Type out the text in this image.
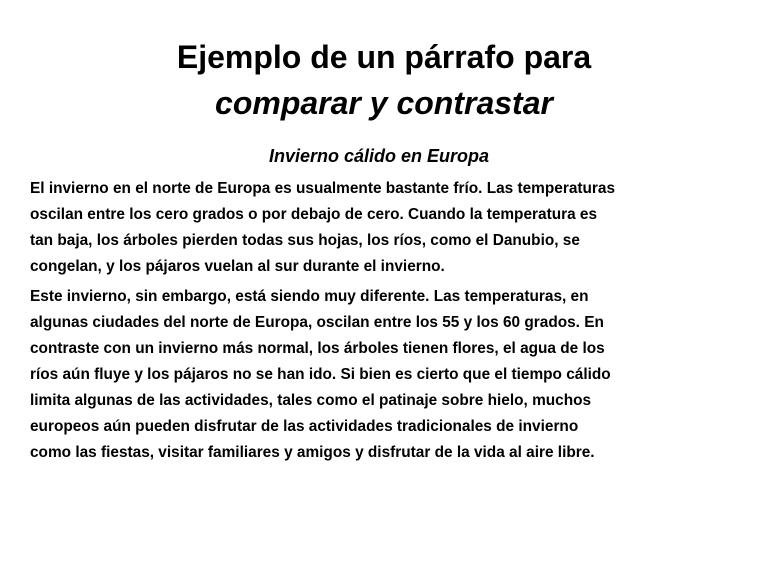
Ejemplo de un párrafo para
comparar y contrastar
Invierno cálido en Europa

El invierno en el norte de Europa es usualmente bastante frío. Las temperaturas
oscilan entre los cero grados o por debajo de cero. Cuando la temperatura es
tan baja, los árboles pierden todas sus hojas, los ríos, como el Danubio, se
congelan, y los pájaros vuelan al sur durante el invierno.

Este invierno, sin embargo, está siendo muy diferente. Las temperaturas, en
algunas ciudades del norte de Europa, oscilan entre los 55 y los 60 grados. En
contraste con un invierno más normal, los árboles tienen flores, el agua de los
ríos aún fluye y los pájaros no se han ido. Si bien es cierto que el tiempo cálido
limita algunas de las actividades, tales como el patinaje sobre hielo, muchos
europeos aún pueden disfrutar de las actividades tradicionales de invierno
como las fiestas, visitar familiares y amigos y disfrutar de la vida al aire libre.
